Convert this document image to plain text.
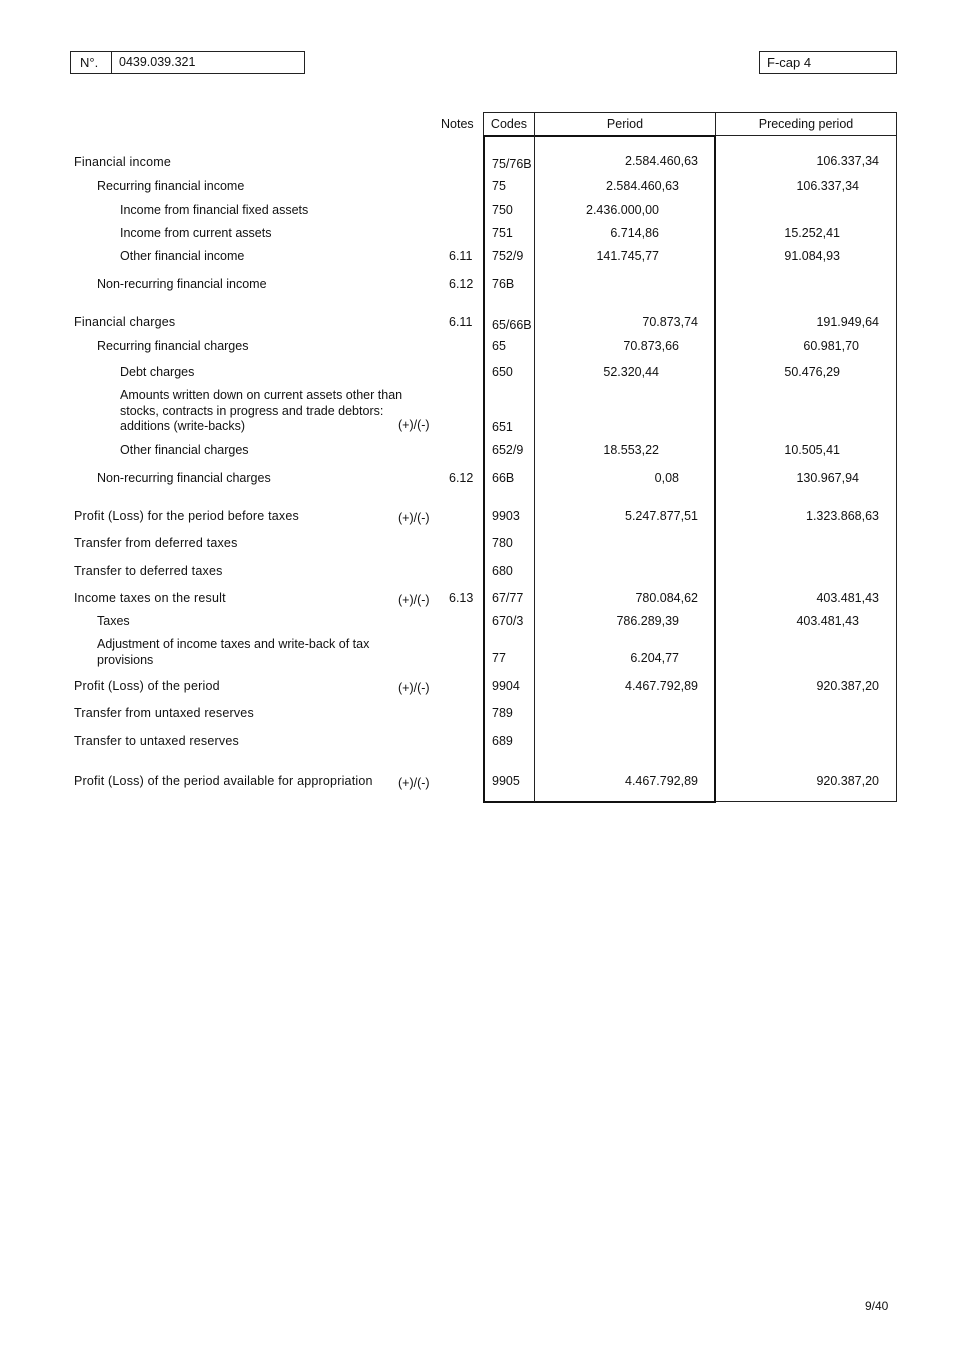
N°. 0439.039.321	F-cap 4
Notes	Codes	Period	Preceding period
Financial income	75/76B	2.584.460,63	106.337,34
Recurring financial income	75	2.584.460,63	106.337,34
Income from financial fixed assets	750	2.436.000,00
Income from current assets	751	6.714,86	15.252,41
Other financial income	6.11 752/9	141.745,77	91.084,93
Non-recurring financial income	6.12 76B
Financial charges	6.11 65/66B	70.873,74	191.949,64
Recurring financial charges	65	70.873,66	60.981,70
Debt charges	650	52.320,44	50.476,29
Amounts written down on current assets other than
stocks, contracts in progress and trade debtors:
additions (write-backs)	(+)/(-)	651
Other financial charges	652/9	18.553,22	10.505,41
Non-recurring financial charges	6.12 66B	0,08	130.967,94
Profit (Loss) for the period before taxes	(+)/(-)	9903	5.247.877,51	1.323.868,63
Transfer from deferred taxes	780
Transfer to deferred taxes	680
Income taxes on the result	(+)/(-) 6.13 67/77	780.084,62	403.481,43
Taxes	670/3	786.289,39	403.481,43
Adjustment of income taxes and write-back of tax
provisions	77	6.204,77
Profit (Loss) of the period	(+)/(-)	9904	4.467.792,89	920.387,20
Transfer from untaxed reserves	789
Transfer to untaxed reserves	689
Profit (Loss) of the period available for appropriation (+)/(-)	9905	4.467.792,89	920.387,20
9/40
